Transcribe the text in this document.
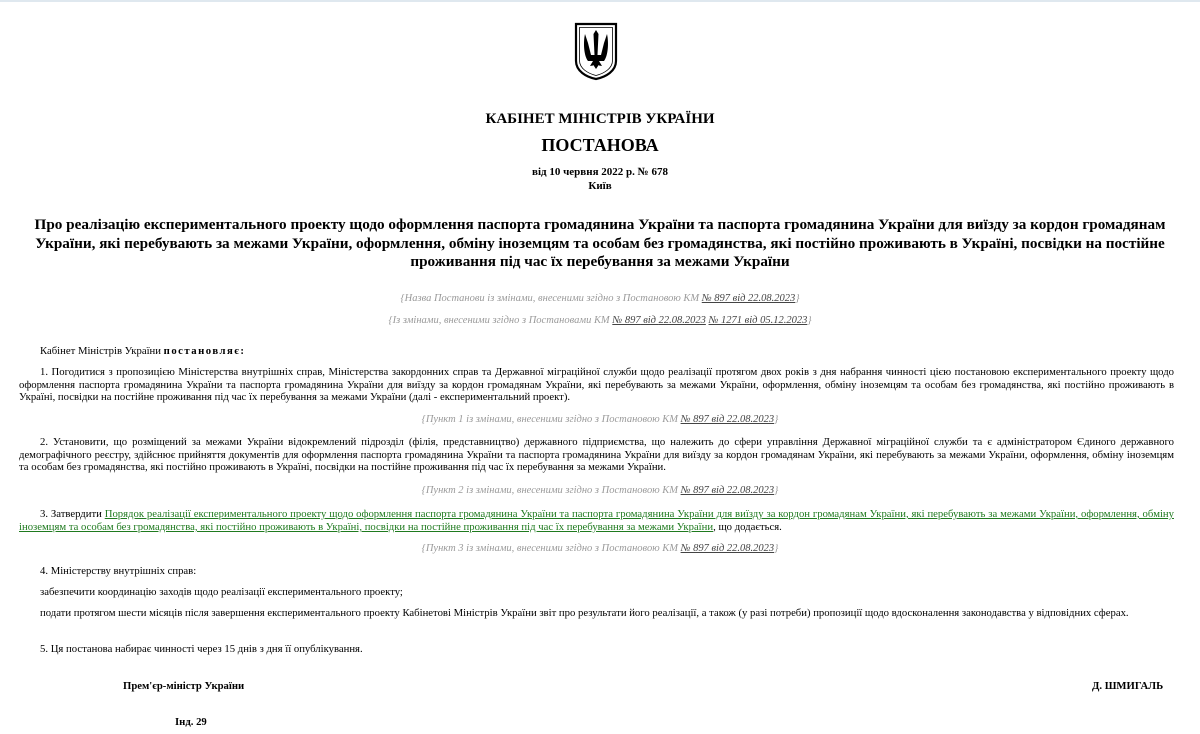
КАБІНЕТ МІНІСТРІВ УКРАЇНИ
ПОСТАНОВА
від 10 червня 2022 р. № 678
Київ
Про реалізацію експериментального проекту щодо оформлення паспорта громадянина України та паспорта громадянина України для виїзду за кордон громадянам України, які перебувають за межами України, оформлення, обміну іноземцям та особам без громадянства, які постійно проживають в Україні, посвідки на постійне проживання під час їх перебування за межами України
{Назва Постанови із змінами, внесеними згідно з Постановою КМ № 897 від 22.08.2023}
{Із змінами, внесеними згідно з Постановами КМ № 897 від 22.08.2023 № 1271 від 05.12.2023}
Кабінет Міністрів України постановляє:
1. Погодитися з пропозицією Міністерства внутрішніх справ, Міністерства закордонних справ та Державної міграційної служби щодо реалізації протягом двох років з дня набрання чинності цією постановою експериментального проекту щодо оформлення паспорта громадянина України та паспорта громадянина України для виїзду за кордон громадянам України, які перебувають за межами України, оформлення, обміну іноземцям та особам без громадянства, які постійно проживають в Україні, посвідки на постійне проживання під час їх перебування за межами України (далі - експериментальний проект).
{Пункт 1 із змінами, внесеними згідно з Постановою КМ № 897 від 22.08.2023}
2. Установити, що розміщений за межами України відокремлений підрозділ (філія, представництво) державного підприємства, що належить до сфери управління Державної міграційної служби та є адміністратором Єдиного державного демографічного реєстру, здійснює прийняття документів для оформлення паспорта громадянина України та паспорта громадянина України для виїзду за кордон громадянам України, які перебувають за межами України, оформлення, обміну іноземцям та особам без громадянства, які постійно проживають в Україні, посвідки на постійне проживання під час їх перебування за межами України.
{Пункт 2 із змінами, внесеними згідно з Постановою КМ № 897 від 22.08.2023}
3. Затвердити Порядок реалізації експериментального проекту щодо оформлення паспорта громадянина України та паспорта громадянина України для виїзду за кордон громадянам України, які перебувають за межами України, оформлення, обміну іноземцям та особам без громадянства, які постійно проживають в Україні, посвідки на постійне проживання під час їх перебування за межами України, що додається.
{Пункт 3 із змінами, внесеними згідно з Постановою КМ № 897 від 22.08.2023}
4. Міністерству внутрішніх справ:
забезпечити координацію заходів щодо реалізації експериментального проекту;
подати протягом шести місяців після завершення експериментального проекту Кабінетові Міністрів України звіт про результати його реалізації, а також (у разі потреби) пропозиції щодо вдосконалення законодавства у відповідних сферах.
5. Ця постанова набирає чинності через 15 днів з дня її опублікування.
Прем'єр-міністр України	Д. ШМИГАЛЬ
Інд. 29
